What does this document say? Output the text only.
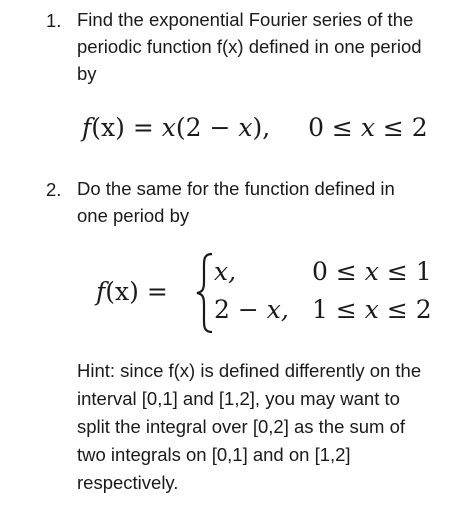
1. Find the exponential Fourier series of the
periodic function f(x) defined in one period
by
f(x) = x(2 − x), 0 ≤ x ≤ 2
2. Do the same for the function defined in
one period by
f(x) =
x,	0 ≤ x ≤ 1
2 − x, 1 ≤ x ≤ 2
Hint: since f(x) is defined differently on the
interval [0,1] and [1,2], you may want to
split the integral over [0,2] as the sum of
two integrals on [0,1] and on [1,2]
respectively.
